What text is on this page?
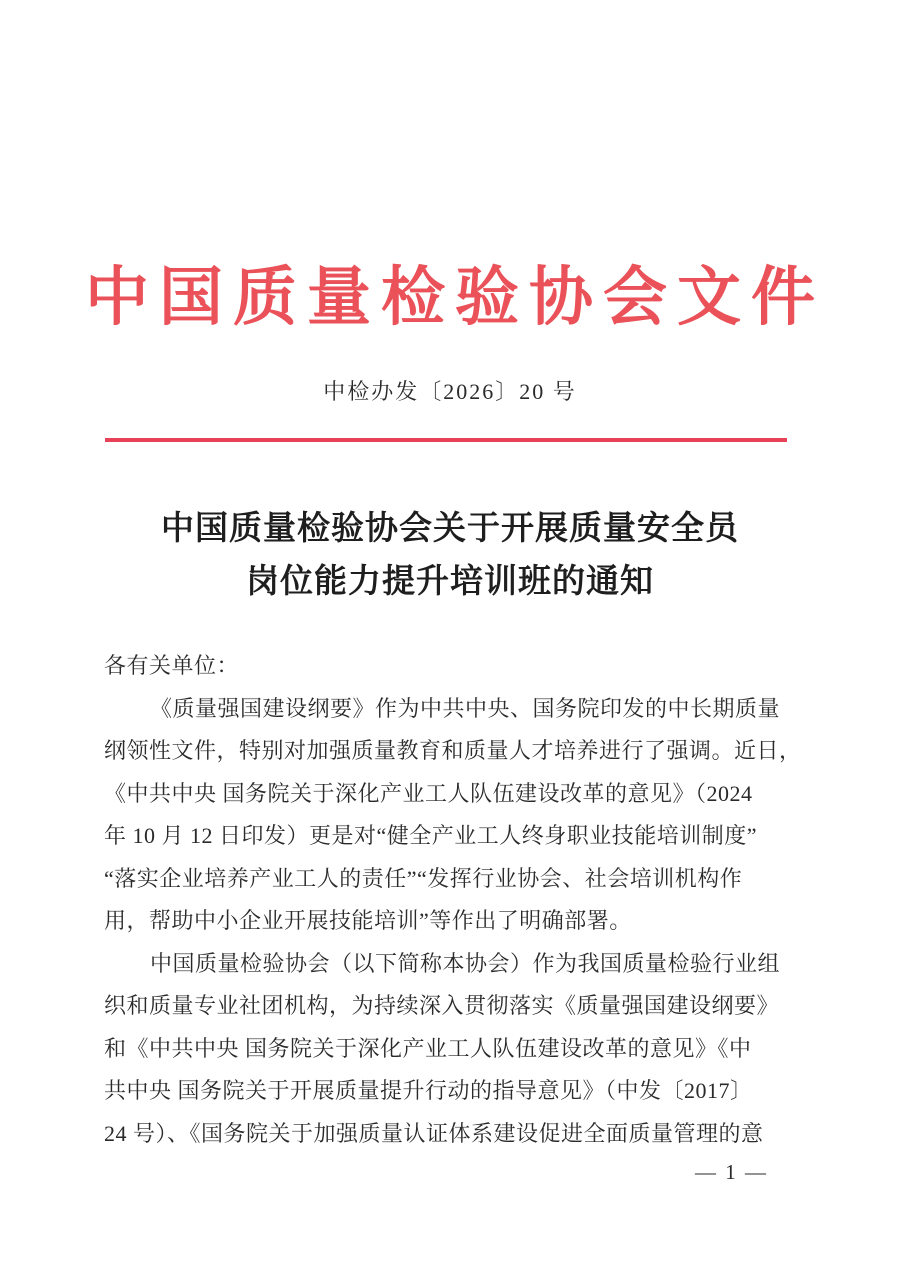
中国质量检验协会文件
中检办发〔2026〕20 号
中国质量检验协会关于开展质量安全员
岗位能力提升培训班的通知
各有关单位：
《质量强国建设纲要》作为中共中央、国务院印发的中长期质量
纲领性文件，特别对加强质量教育和质量人才培养进行了强调。近日，
《中共中央 国务院关于深化产业工人队伍建设改革的意见》（2024
年 10 月 12 日印发）更是对“健全产业工人终身职业技能培训制度”
“落实企业培养产业工人的责任”“发挥行业协会、社会培训机构作
用，帮助中小企业开展技能培训”等作出了明确部署。
中国质量检验协会（以下简称本协会）作为我国质量检验行业组
织和质量专业社团机构，为持续深入贯彻落实《质量强国建设纲要》
和《中共中央 国务院关于深化产业工人队伍建设改革的意见》《中
共中央 国务院关于开展质量提升行动的指导意见》（中发〔2017〕
24 号）、《国务院关于加强质量认证体系建设促进全面质量管理的意
— 1 —
